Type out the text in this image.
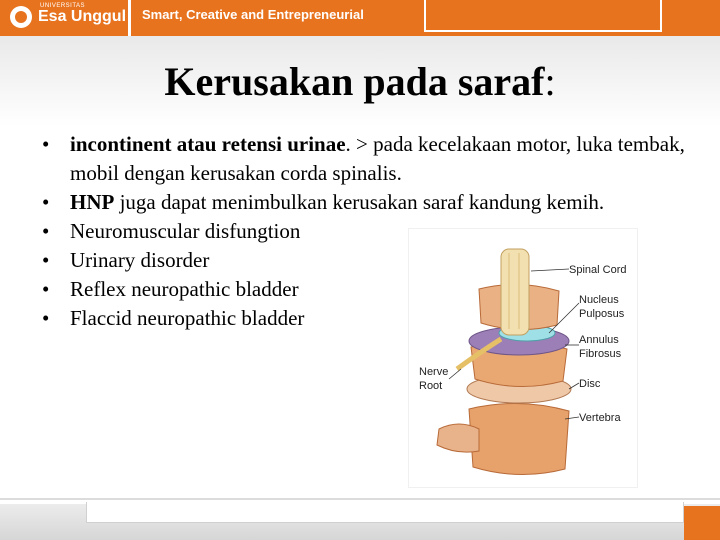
UNIVERSITAS
Esa Unggul Smart, Creative and Entrepreneurial
Kerusakan pada saraf:
• incontinent atau retensi urinae. > pada kecelakaan motor, luka tembak, mobil dengan kerusakan corda spinalis.
• HNP juga dapat menimbulkan kerusakan saraf kandung kemih.
• Neuromuscular disfungtion
• Urinary disorder
• Reflex neuropathic bladder
• Flaccid neuropathic bladder
Spinal Cord
Nucleus
Pulposus
Annulus
Fibrosus
Disc
Vertebra
Nerve
Root
